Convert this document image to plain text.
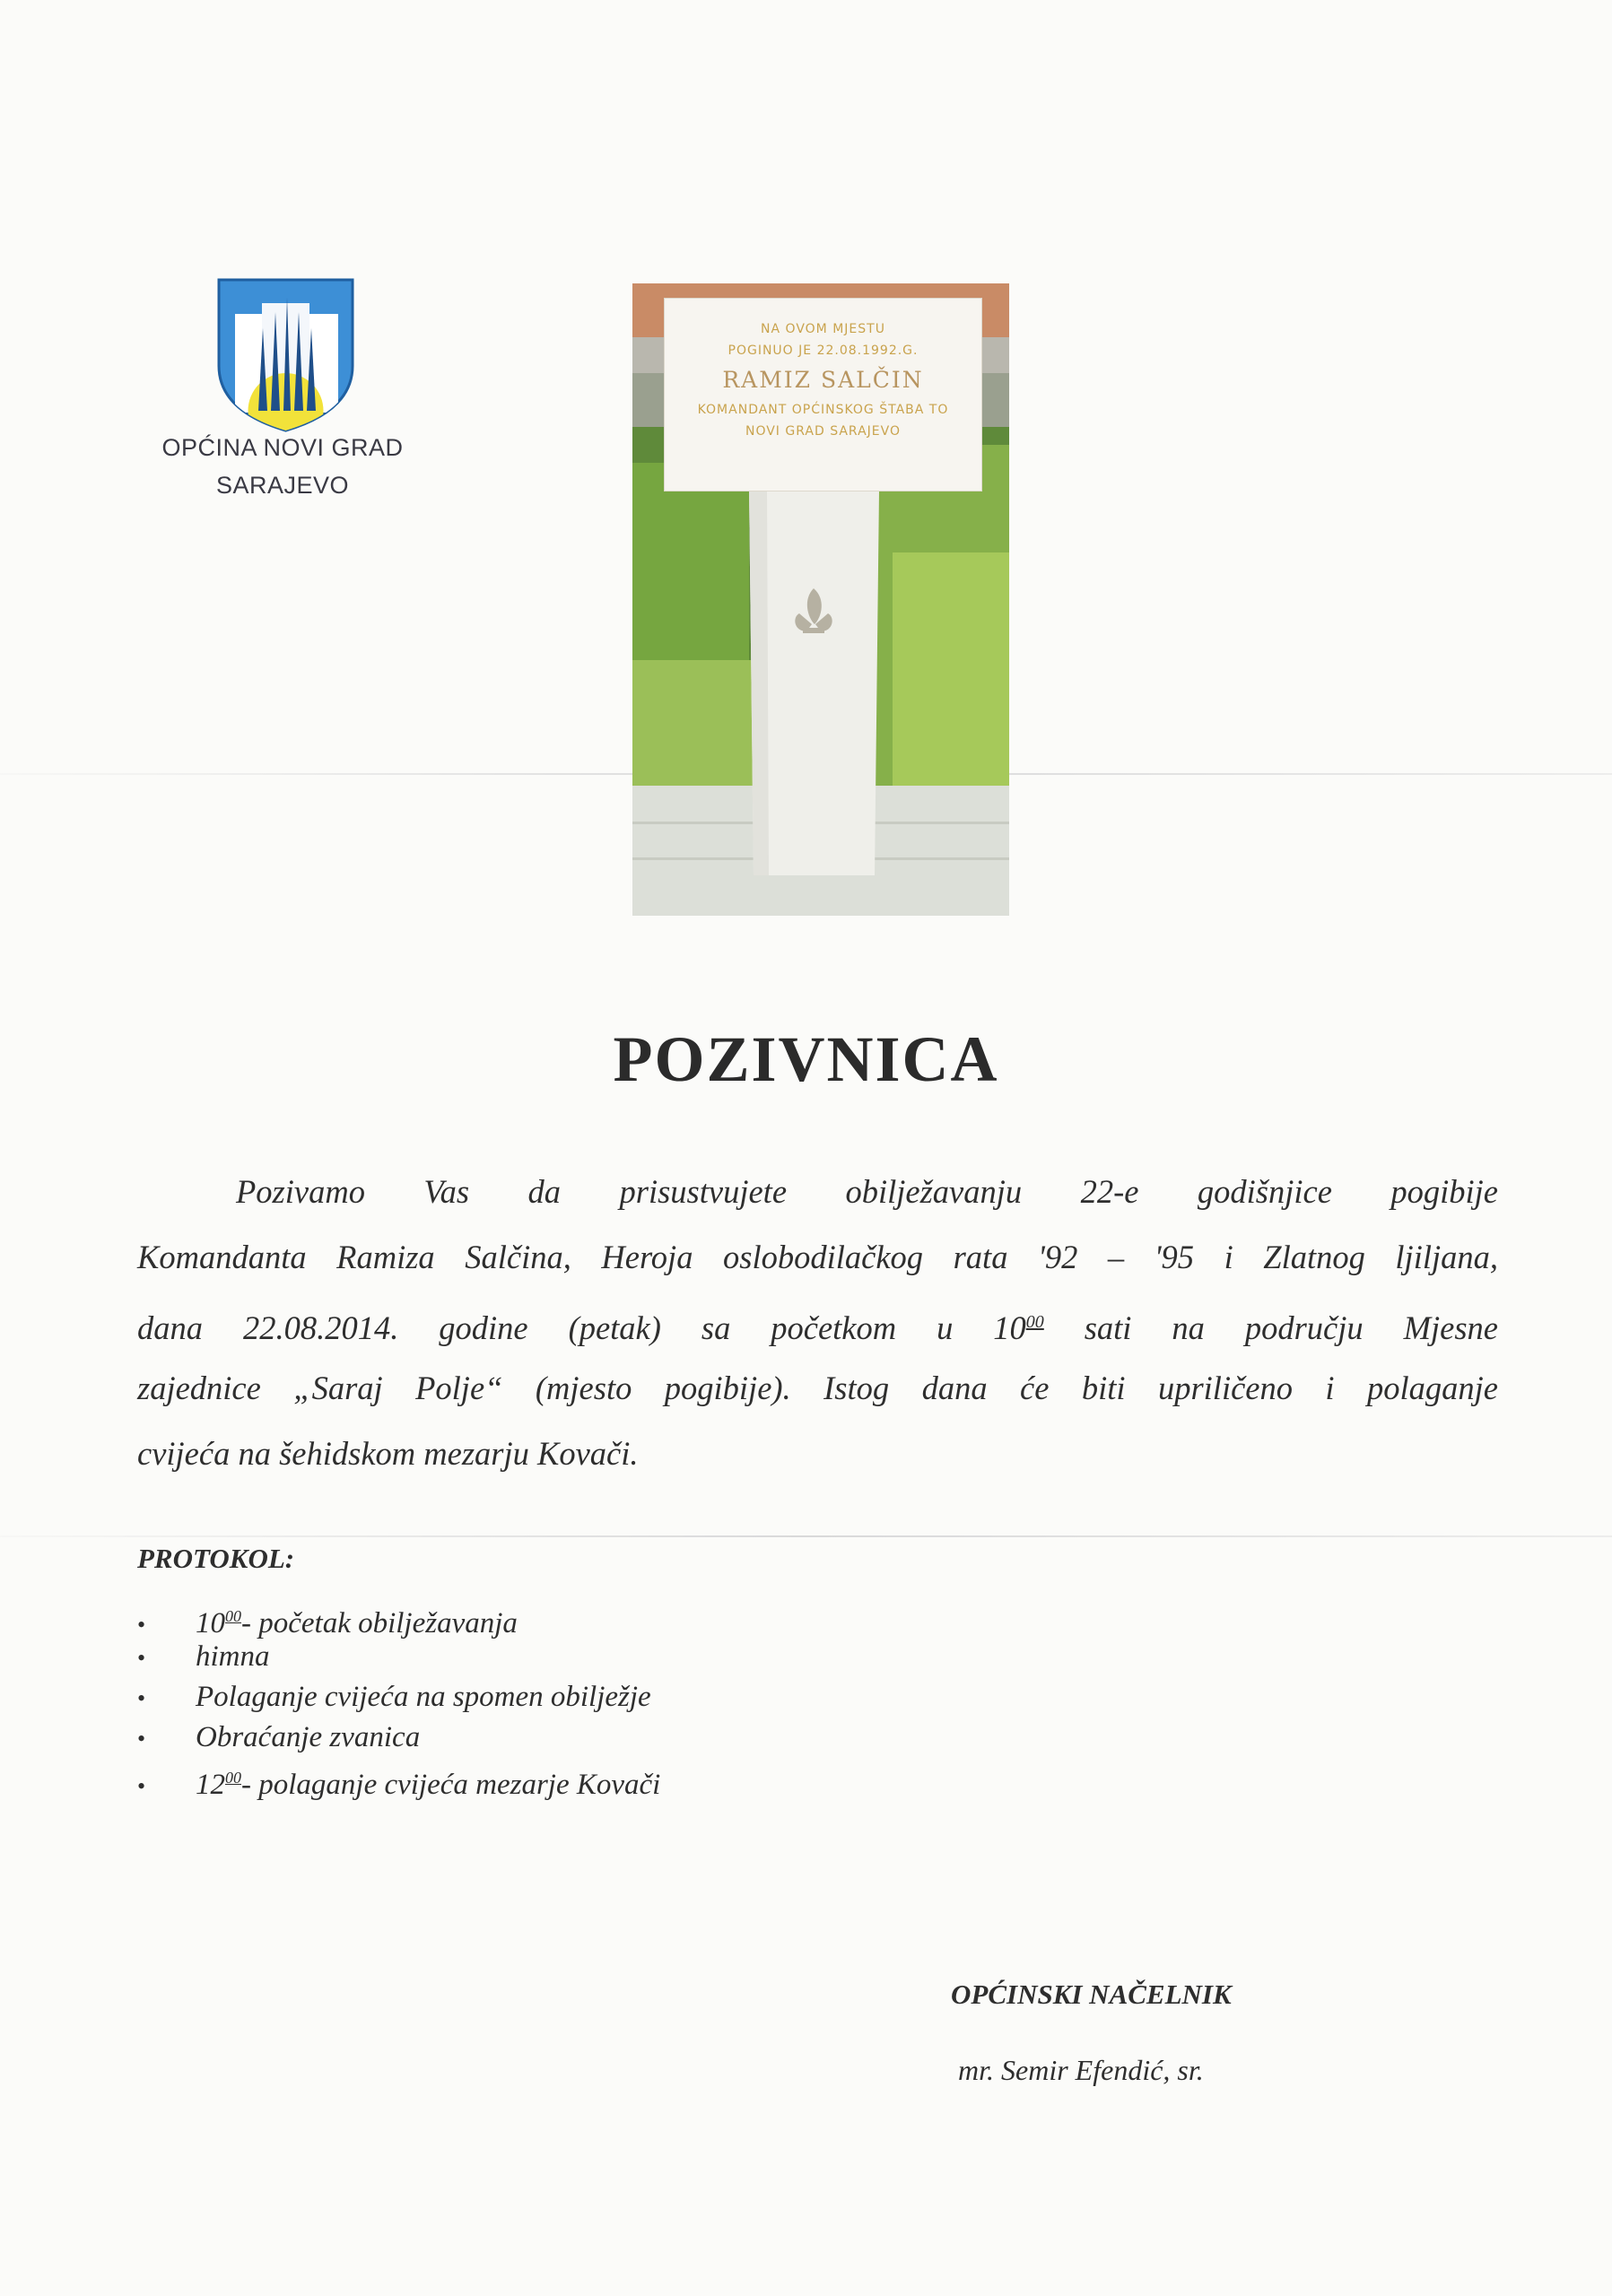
OPĆINA NOVI GRAD
SARAJEVO
NA OVOM MJESTU
POGINUO JE 22.08.1992.G.
RAMIZ SALČIN
KOMANDANT OPĆINSKOG ŠTABA TO
NOVI GRAD SARAJEVO
POZIVNICA
Pozivamo Vas da prisustvujete obilježavanju 22-e godišnjice pogibije
Komandanta Ramiza Salčina, Heroja oslobodilačkog rata '92 – '95 i Zlatnog ljiljana,
dana 22.08.2014. godine (petak) sa početkom u $10^{00}$ sati na području Mjesne
zajednice „Saraj Polje“ (mjesto pogibije). Istog dana će biti upriličeno i polaganje
cvijeća na šehidskom mezarju Kovači.
PROTOKOL:
• $10^{00}-$ početak obilježavanja
• himna
• Polaganje cvijeća na spomen obilježje
• Obraćanje zvanica
• $12^{00}-$ polaganje cvijeća mezarje Kovači
OPĆINSKI NAČELNIK
mr. Semir Efendić, sr.
